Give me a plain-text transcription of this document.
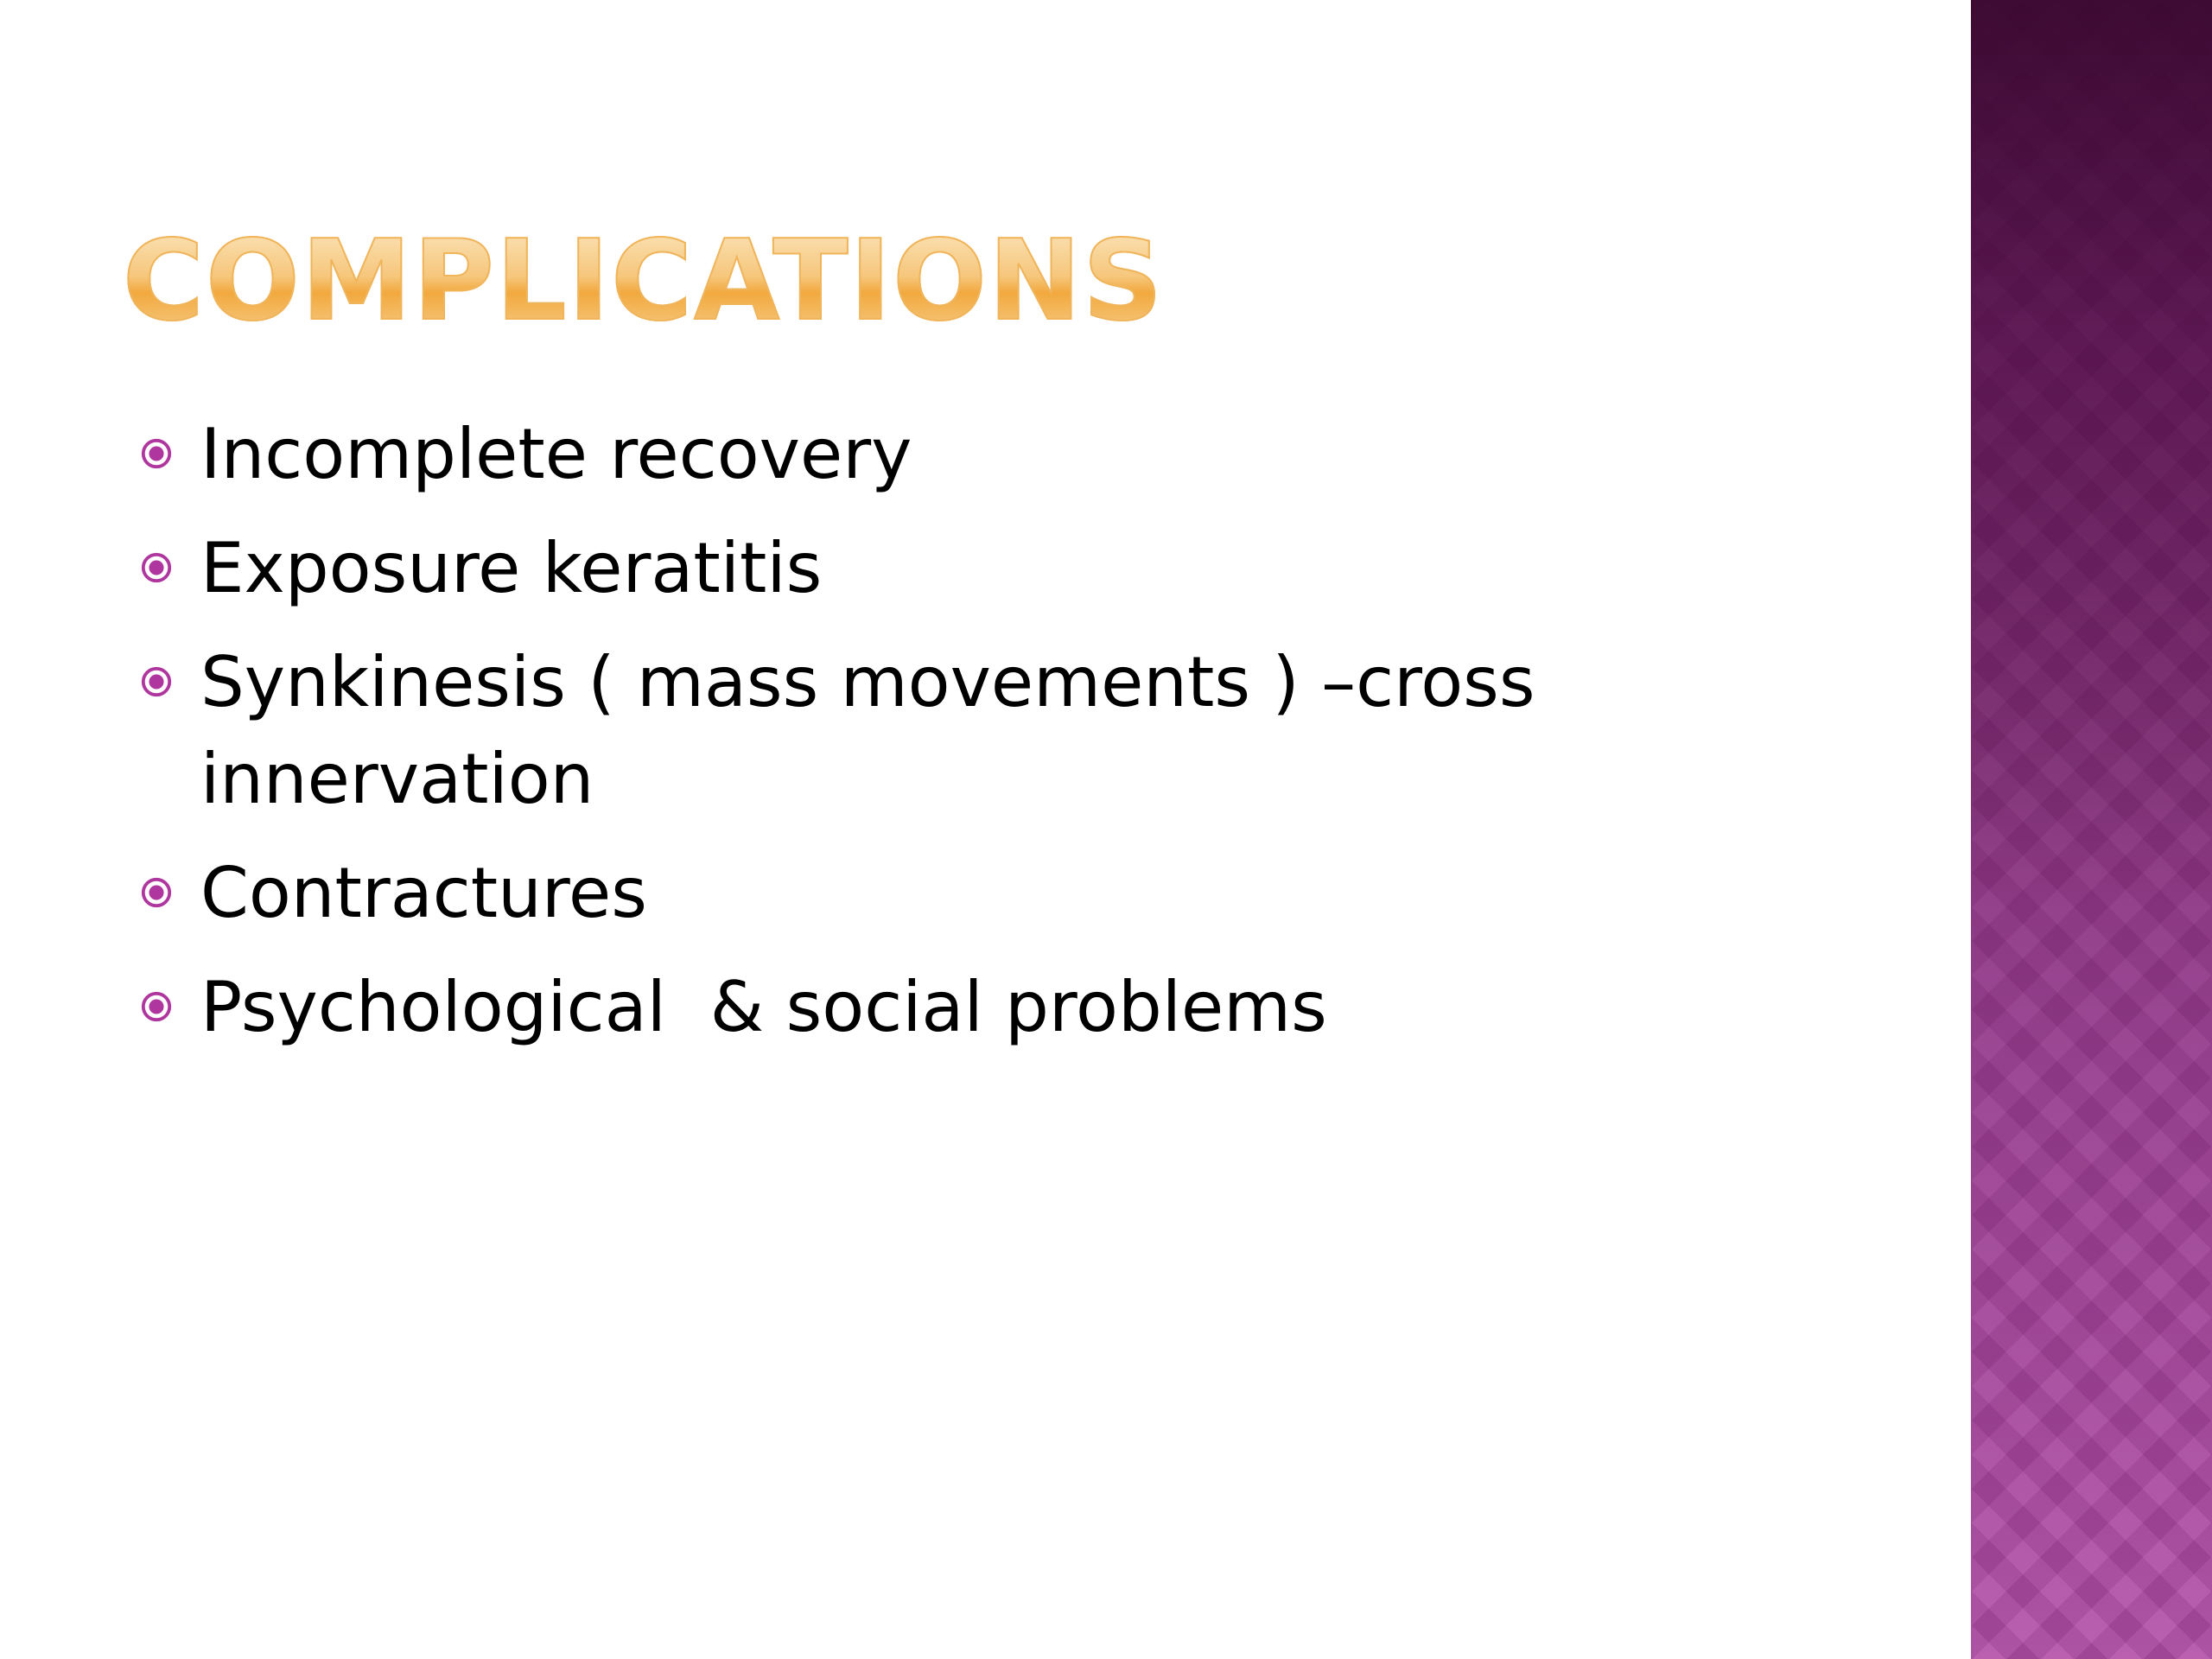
COMPLICATIONS
Incomplete recovery
Exposure keratitis
Synkinesis ( mass movements ) –cross innervation
Contractures
Psychological  & social problems
